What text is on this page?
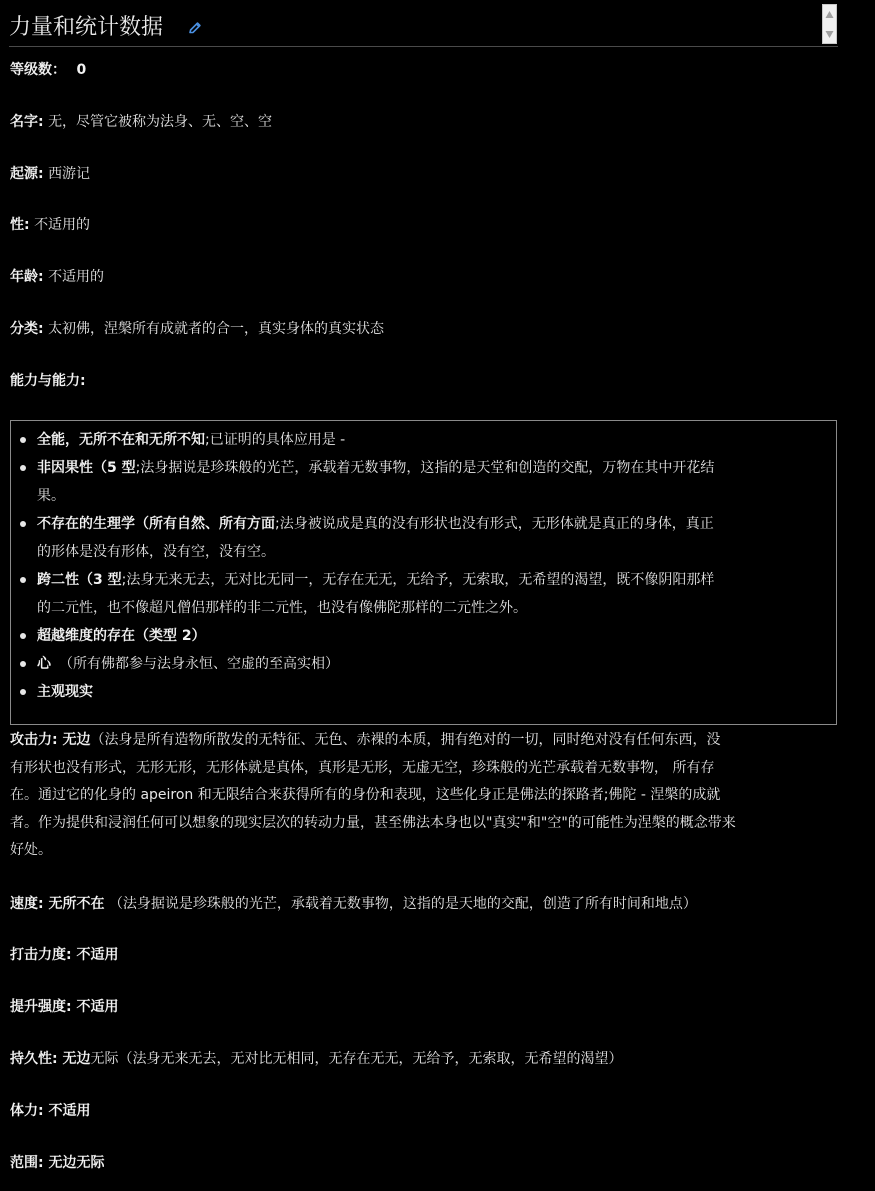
力量和统计数据
等级数： 0
名字: 无，尽管它被称为法身、无、空、空
起源: 西游记
性: 不适用的
年龄: 不适用的
分类: 太初佛，涅槃所有成就者的合一，真实身体的真实状态
能力与能力:
全能，无所不在和无所不知;已证明的具体应用是 -
非因果性（5 型;法身据说是珍珠般的光芒，承载着无数事物，这指的是天堂和创造的交配，万物在其中开花结
果。
不存在的生理学（所有自然、所有方面;法身被说成是真的没有形状也没有形式，无形体就是真正的身体，真正
的形体是没有形体，没有空，没有空。
跨二性（3 型;法身无来无去，无对比无同一，无存在无无，无给予，无索取，无希望的渴望，既不像阴阳那样
的二元性，也不像超凡僧侣那样的非二元性，也没有像佛陀那样的二元性之外。
超越维度的存在（类型 2）
心 （所有佛都参与法身永恒、空虚的至高实相）
主观现实
攻击力: 无边（法身是所有造物所散发的无特征、无色、赤裸的本质，拥有绝对的一切，同时绝对没有任何东西，没
有形状也没有形式，无形无形，无形体就是真体，真形是无形，无虚无空，珍珠般的光芒承载着无数事物， 所有存
在。通过它的化身的 apeiron 和无限结合来获得所有的身份和表现，这些化身正是佛法的探路者;佛陀 - 涅槃的成就
者。作为提供和浸润任何可以想象的现实层次的转动力量，甚至佛法本身也以"真实"和"空"的可能性为涅槃的概念带来
好处。
速度: 无所不在 （法身据说是珍珠般的光芒，承载着无数事物，这指的是天地的交配，创造了所有时间和地点）
打击力度: 不适用
提升强度: 不适用
持久性: 无边无际（法身无来无去，无对比无相同，无存在无无，无给予，无索取，无希望的渴望）
体力: 不适用
范围: 无边无际
